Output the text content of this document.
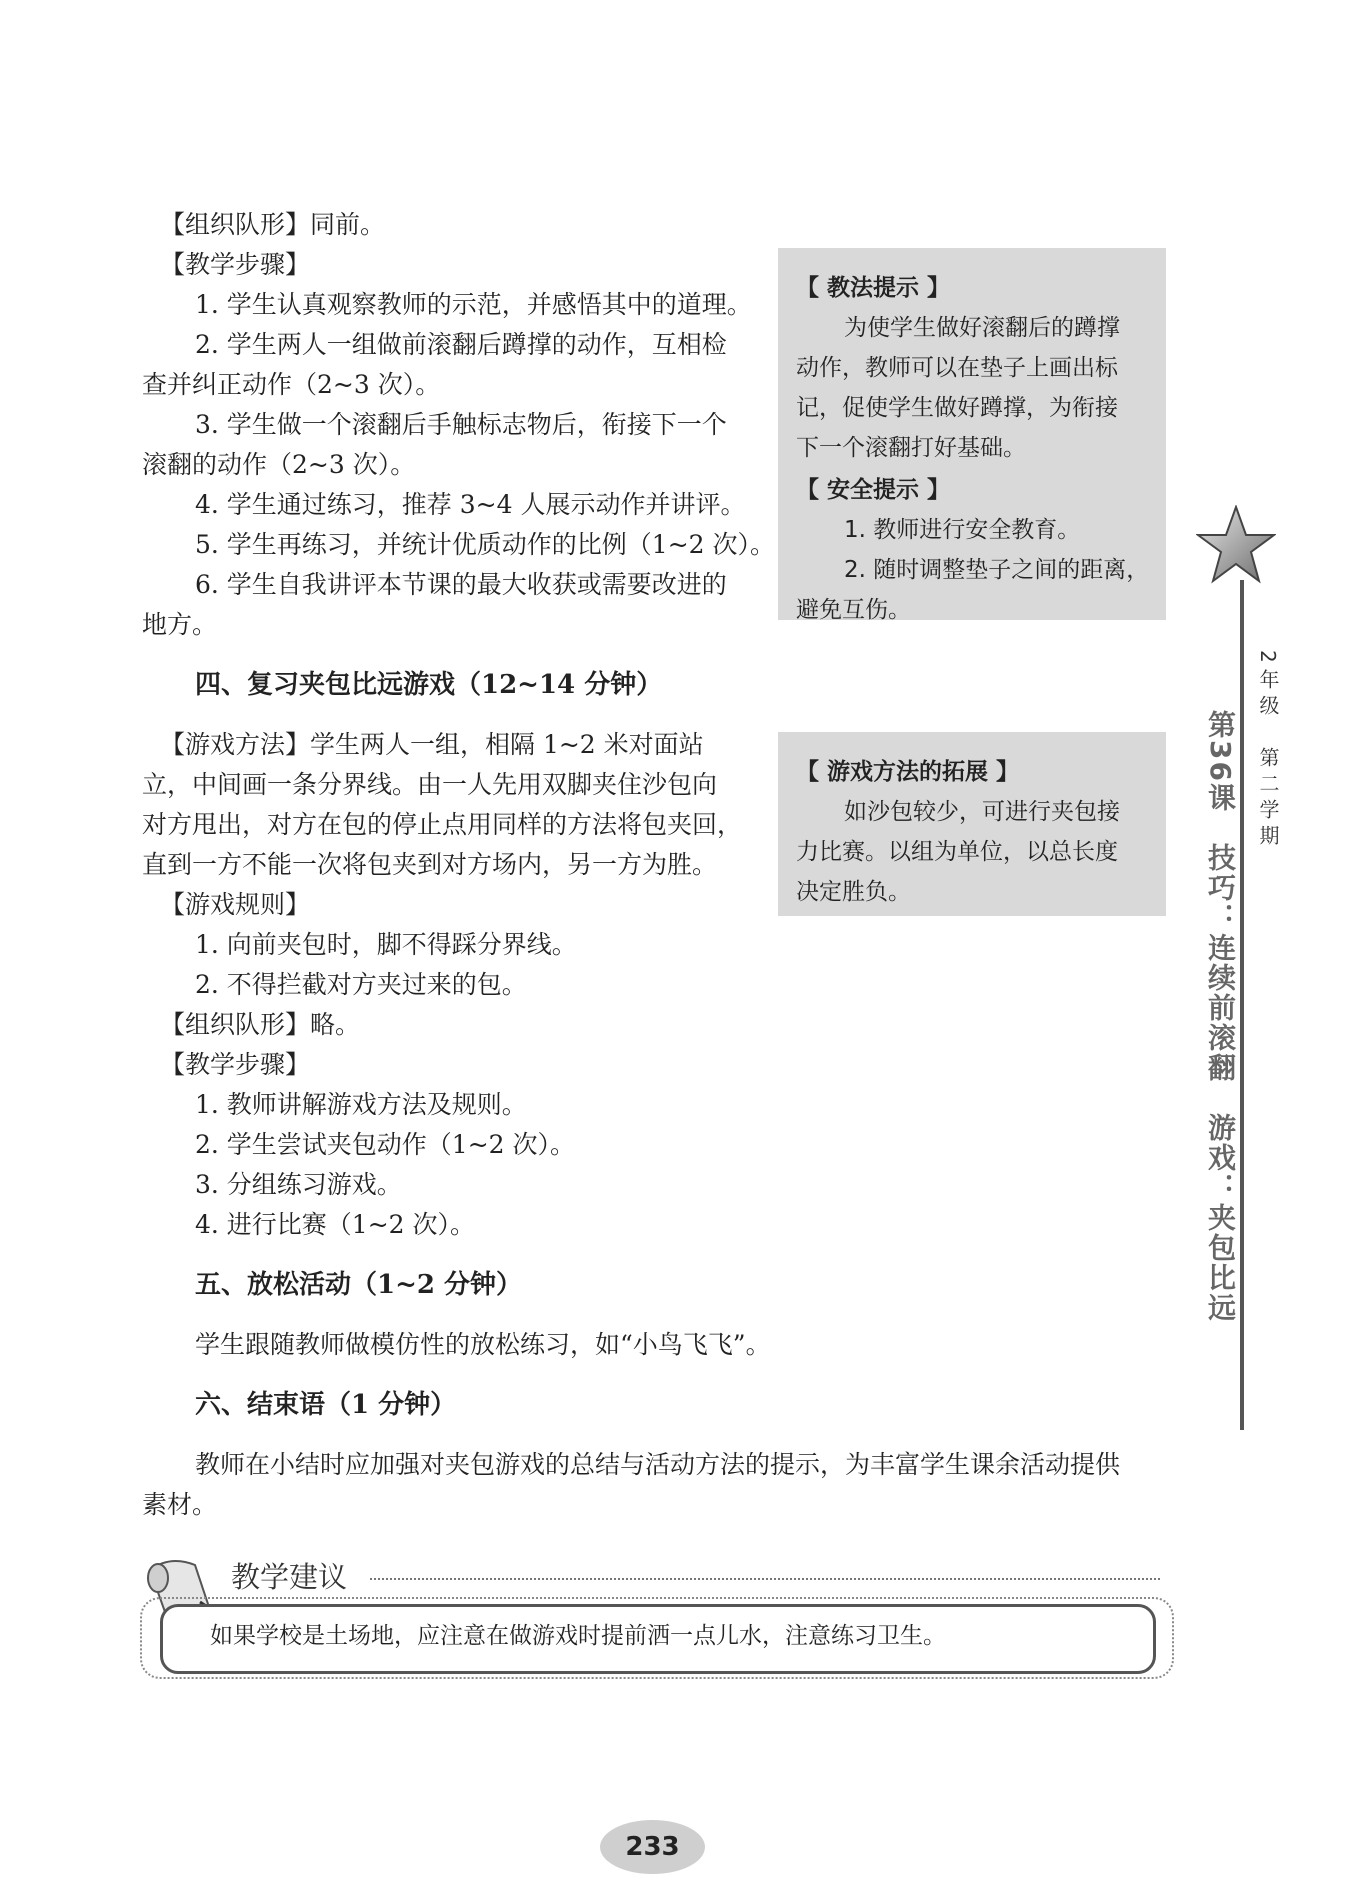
【组织队形】同前。

【教学步骤】

1. 学生认真观察教师的示范，并感悟其中的道理。

2. 学生两人一组做前滚翻后蹲撑的动作，互相检

查并纠正动作（2~3 次）。

3. 学生做一个滚翻后手触标志物后，衔接下一个

滚翻的动作（2~3 次）。

4. 学生通过练习，推荐 3~4 人展示动作并讲评。

5. 学生再练习，并统计优质动作的比例（1~2 次）。

6. 学生自我讲评本节课的最大收获或需要改进的

地方。

四、复习夹包比远游戏（12~14 分钟）

【游戏方法】学生两人一组，相隔 1~2 米对面站

立，中间画一条分界线。由一人先用双脚夹住沙包向

对方甩出，对方在包的停止点用同样的方法将包夹回，

直到一方不能一次将包夹到对方场内，另一方为胜。

【游戏规则】

1. 向前夹包时，脚不得踩分界线。

2. 不得拦截对方夹过来的包。

【组织队形】略。

【教学步骤】

1. 教师讲解游戏方法及规则。

2. 学生尝试夹包动作（1~2 次）。

3. 分组练习游戏。

4. 进行比赛（1~2 次）。

五、放松活动（1~2 分钟）

学生跟随教师做模仿性的放松练习，如“小鸟飞飞”。

六、结束语（1 分钟）

教师在小结时应加强对夹包游戏的总结与活动方法的提示，为丰富学生课余活动提供

素材。

【 教法提示 】
为使学生做好滚翻后的蹲撑
动作，教师可以在垫子上画出标
记，促使学生做好蹲撑，为衔接
下一个滚翻打好基础。
【 安全提示 】
1. 教师进行安全教育。
2. 随时调整垫子之间的距离，
避免互伤。
【 游戏方法的拓展 】
如沙包较少，可进行夹包接
力比赛。以组为单位，以总长度
决定胜负。
2年级　第二学期
第36课　技巧：连续前滚翻　游戏：夹包比远
教学建议
如果学校是土场地，应注意在做游戏时提前洒一点儿水，注意练习卫生。
233
